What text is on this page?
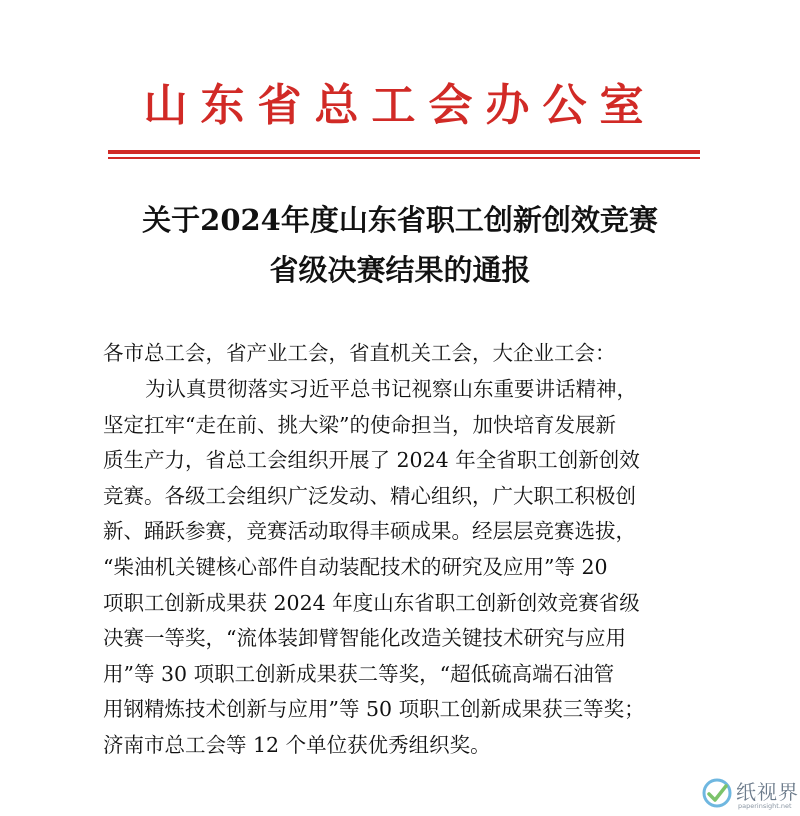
山东省总工会办公室
关于2024年度山东省职工创新创效竞赛
省级决赛结果的通报
各市总工会，省产业工会，省直机关工会，大企业工会：
为认真贯彻落实习近平总书记视察山东重要讲话精神，
坚定扛牢“走在前、挑大梁”的使命担当，加快培育发展新
质生产力，省总工会组织开展了 2024 年全省职工创新创效
竞赛。各级工会组织广泛发动、精心组织，广大职工积极创
新、踊跃参赛，竞赛活动取得丰硕成果。经层层竞赛选拔，
“柴油机关键核心部件自动装配技术的研究及应用”等 20
项职工创新成果获 2024 年度山东省职工创新创效竞赛省级
决赛一等奖，“流体装卸臂智能化改造关键技术研究与应用
用”等 30 项职工创新成果获二等奖，“超低硫高端石油管
用钢精炼技术创新与应用”等 50 项职工创新成果获三等奖；
济南市总工会等 12 个单位获优秀组织奖。
纸视界
paperinsight.net
